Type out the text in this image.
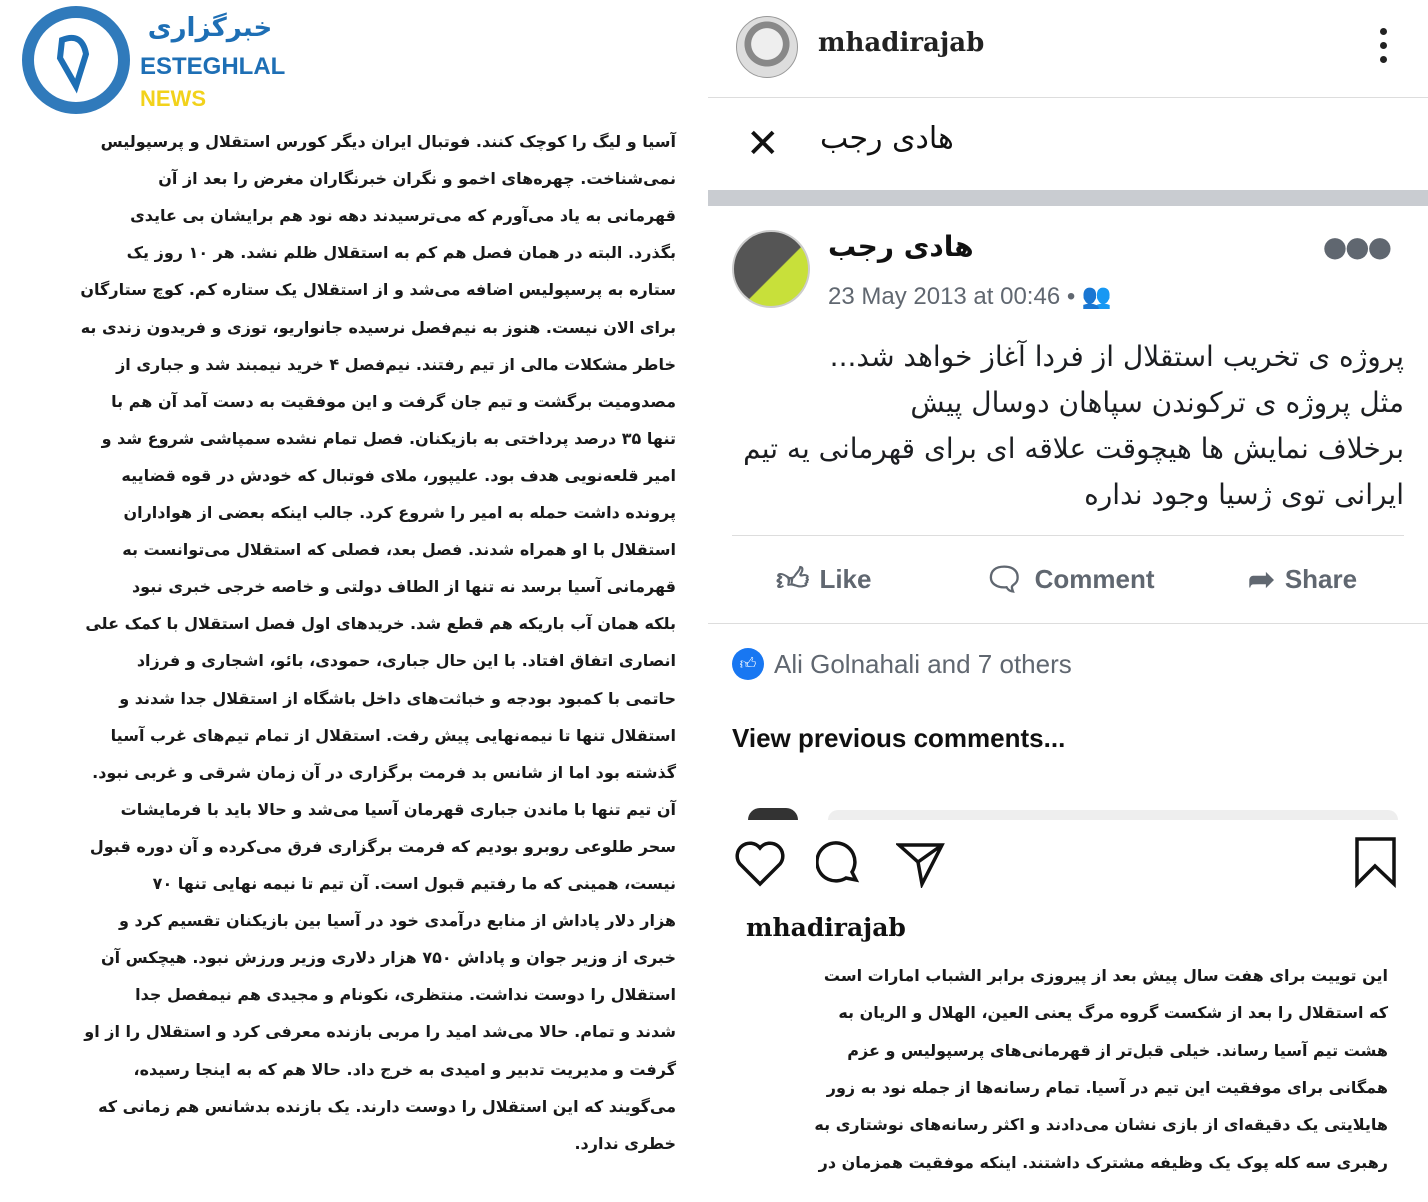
آسیا و لیگ را کوچک کنند. فوتبال ایران دیگر کورس استقلال و پرسپولیس
نمی‌شناخت. چهره‌های اخمو و نگران خبرنگاران مغرض را بعد از آن
قهرمانی به یاد می‌آورم که می‌ترسیدند دهه نود هم برایشان بی عایدی
بگذرد. البته در همان فصل هم کم به استقلال ظلم نشد. هر ۱۰ روز یک
ستاره به پرسپولیس اضافه می‌شد و از استقلال یک ستاره کم. کوچ ستارگان
برای الان نیست. هنوز به نیم‌فصل نرسیده جانواریو، توزی و فریدون زندی به
خاطر مشکلات مالی از تیم رفتند. نیم‌فصل ۴ خرید نیمبند شد و جباری از
مصدومیت برگشت و تیم جان گرفت و این موفقیت به دست آمد آن هم با
تنها ۳۵ درصد پرداختی به بازیکنان. فصل تمام نشده سمپاشی شروع شد و
امیر قلعه‌نویی هدف بود. علیپور، ملای فوتبال که خودش در قوه قضاییه
پرونده داشت حمله به امیر را شروع کرد. جالب اینکه بعضی از هواداران
استقلال با او همراه شدند. فصل بعد، فصلی که استقلال می‌توانست به
قهرمانی آسیا برسد نه تنها از الطاف دولتی و خاصه خرجی خبری نبود
بلکه همان آب باریکه هم قطع شد. خریدهای اول فصل استقلال با کمک علی
انصاری اتفاق افتاد. با این حال جباری، حمودی، بائو، اشجاری و فرزاد
حاتمی با کمبود بودجه و خباثت‌های داخل باشگاه از استقلال جدا شدند و
استقلال تنها تا نیمه‌نهایی پیش رفت. استقلال از تمام تیم‌های غرب آسیا
گذشته بود اما از شانس بد فرمت برگزاری در آن زمان شرقی و غربی نبود.
آن تیم تنها با ماندن جباری قهرمان آسیا می‌شد و حالا باید با فرمایشات
سحر طلوعی روبرو بودیم که فرمت برگزاری فرق می‌کرده و آن دوره قبول
نیست، همینی که ما رفتیم قبول است. آن تیم تا نیمه نهایی تنها ۷۰
هزار دلار پاداش از منابع درآمدی خود در آسیا بین بازیکنان تقسیم کرد و
خبری از وزیر جوان و پاداش ۷۵۰ هزار دلاری وزیر ورزش نبود. هیچکس آن
استقلال را دوست نداشت. منتظری، نکونام و مجیدی هم نیمفصل جدا
شدند و تمام. حالا می‌شد امید را مربی بازنده معرفی کرد و استقلال را از او
گرفت و مدیریت تدبیر و امیدی به خرج داد. حالا هم که به اینجا رسیده،
می‌گویند که این استقلال را دوست دارند. یک بازنده بدشانس هم زمانی که
خطری ندارد.
mhadirajab
✕ هادی رجب
هادی رجب
23 May 2013 at 00:46 • 👥
●●●
پروژه ی تخریب استقلال از فردا آغاز خواهد شد...
مثل پروژه ی ترکوندن سپاهان دوسال پیش
برخلاف نمایش ها هیچوقت علاقه ای برای قهرمانی یه تیم
ایرانی توی ژسیا وجود نداره
👍︎ Like	🗨︎ Comment	➦ Share
👍︎ Ali Golnahali and 7 others
View previous comments...
mhadirajab
این توییت برای هفت سال پیش بعد از پیروزی برابر الشباب امارات است
که استقلال را بعد از شکست گروه مرگ یعنی العین، الهلال و الریان به
هشت تیم آسیا رساند. خیلی قبل‌تر از قهرمانی‌های پرسپولیس و عزم
همگانی برای موفقیت این تیم در آسیا. تمام رسانه‌ها از جمله نود به زور
هایلایتی یک دقیقه‌ای از بازی نشان می‌دادند و اکثر رسانه‌های نوشتاری به
رهبری سه کله پوک یک وظیفه مشترک داشتند. اینکه موفقیت همزمان در
خبرگزاری
ESTEGHLAL
NEWS
